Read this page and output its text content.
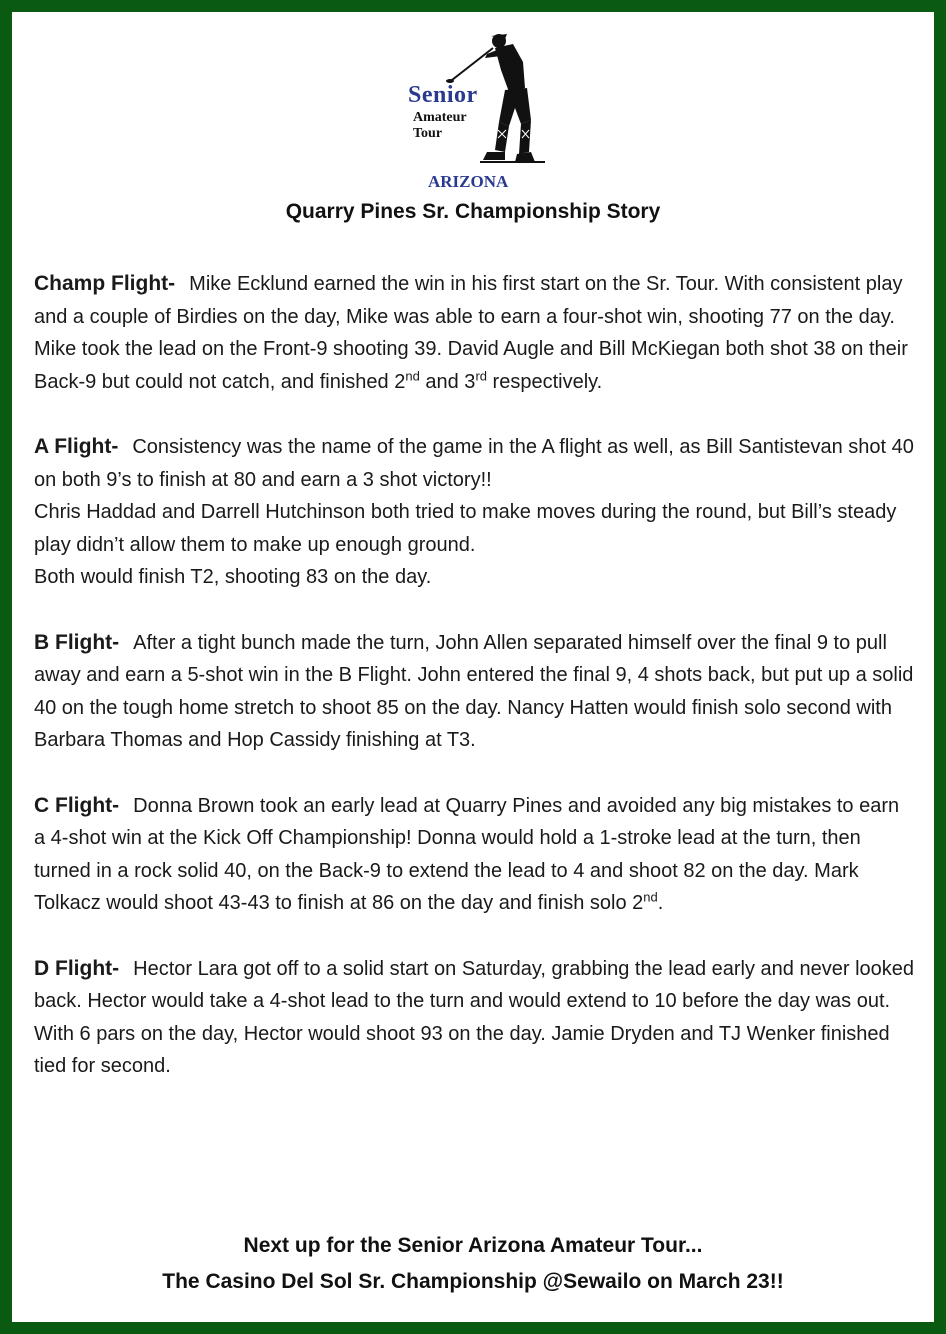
Senior
Amateur
Tour
ARIZONA
Quarry Pines Sr. Championship Story

Champ Flight- Mike Ecklund earned the win in his first start on the Sr. Tour. With consistent play and a couple of Birdies on the day, Mike was able to earn a four-shot win, shooting 77 on the day. Mike took the lead on the Front-9 shooting 39. David Augle and Bill McKiegan both shot 38 on their Back-9 but could not catch, and finished 2nd and 3rd respectively.

A Flight- Consistency was the name of the game in the A flight as well, as Bill Santistevan shot 40 on both 9’s to finish at 80 and earn a 3 shot victory!!
Chris Haddad and Darrell Hutchinson both tried to make moves during the round, but Bill’s steady play didn’t allow them to make up enough ground.
Both would finish T2, shooting 83 on the day.

B Flight- After a tight bunch made the turn, John Allen separated himself over the final 9 to pull away and earn a 5-shot win in the B Flight. John entered the final 9, 4 shots back, but put up a solid 40 on the tough home stretch to shoot 85 on the day. Nancy Hatten would finish solo second with
Barbara Thomas and Hop Cassidy finishing at T3.

C Flight- Donna Brown took an early lead at Quarry Pines and avoided any big mistakes to earn a 4-shot win at the Kick Off Championship! Donna would hold a 1-stroke lead at the turn, then turned in a rock solid 40, on the Back-9 to extend the lead to 4 and shoot 82 on the day. Mark Tolkacz would shoot 43-43 to finish at 86 on the day and finish solo 2nd.

D Flight- Hector Lara got off to a solid start on Saturday, grabbing the lead early and never looked back. Hector would take a 4-shot lead to the turn and would extend to 10 before the day was out. With 6 pars on the day, Hector would shoot 93 on the day. Jamie Dryden and TJ Wenker finished tied for second.

Next up for the Senior Arizona Amateur Tour...
The Casino Del Sol Sr. Championship @Sewailo on March 23!!
